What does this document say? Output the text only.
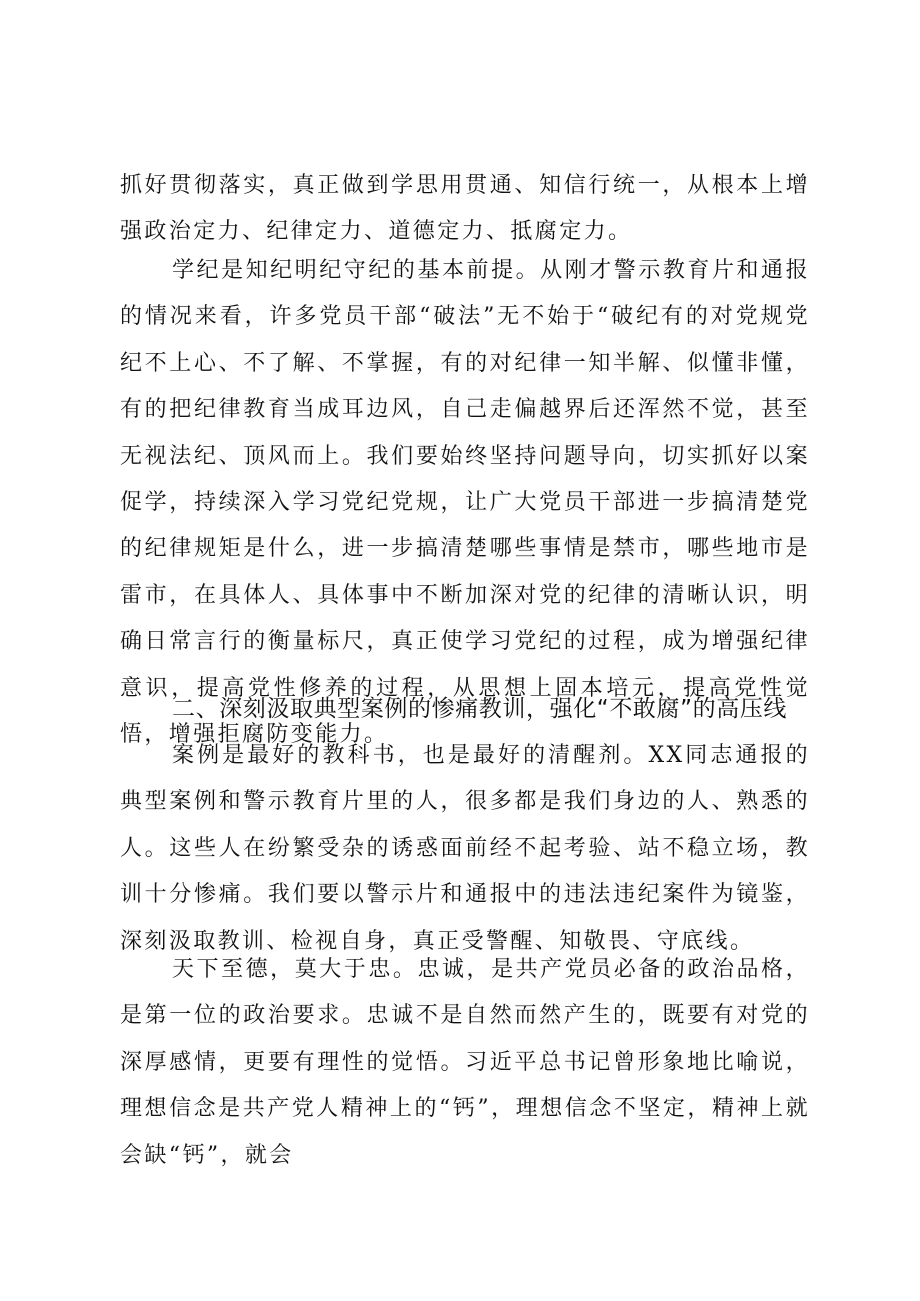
抓好贯彻落实，真正做到学思用贯通、知信行统一，从根本上增强政治定力、纪律定力、道德定力、抵腐定力。

学纪是知纪明纪守纪的基本前提。从刚才警示教育片和通报的情况来看，许多党员干部“破法”无不始于“破纪有的对党规党纪不上心、不了解、不掌握，有的对纪律一知半解、似懂非懂，有的把纪律教育当成耳边风，自己走偏越界后还浑然不觉，甚至无视法纪、顶风而上。我们要始终坚持问题导向，切实抓好以案促学，持续深入学习党纪党规，让广大党员干部进一步搞清楚党的纪律规矩是什么，进一步搞清楚哪些事情是禁市，哪些地市是雷市，在具体人、具体事中不断加深对党的纪律的清晰认识，明确日常言行的衡量标尺，真正使学习党纪的过程，成为增强纪律意识，提高党性修养的过程，从思想上固本培元，提高党性觉悟，增强拒腐防变能力。

二、深刻汲取典型案例的惨痛教训，强化“不敢腐”的高压线

案例是最好的教科书，也是最好的清醒剂。XX同志通报的典型案例和警示教育片里的人，很多都是我们身边的人、熟悉的人。这些人在纷繁受杂的诱惑面前经不起考验、站不稳立场，教训十分惨痛。我们要以警示片和通报中的违法违纪案件为镜鉴，深刻汲取教训、检视自身，真正受警醒、知敬畏、守底线。

天下至德，莫大于忠。忠诚，是共产党员必备的政治品格，是第一位的政治要求。忠诚不是自然而然产生的，既要有对党的深厚感情，更要有理性的觉悟。习近平总书记曾形象地比喻说，理想信念是共产党人精神上的“钙”，理想信念不坚定，精神上就会缺“钙”，就会
